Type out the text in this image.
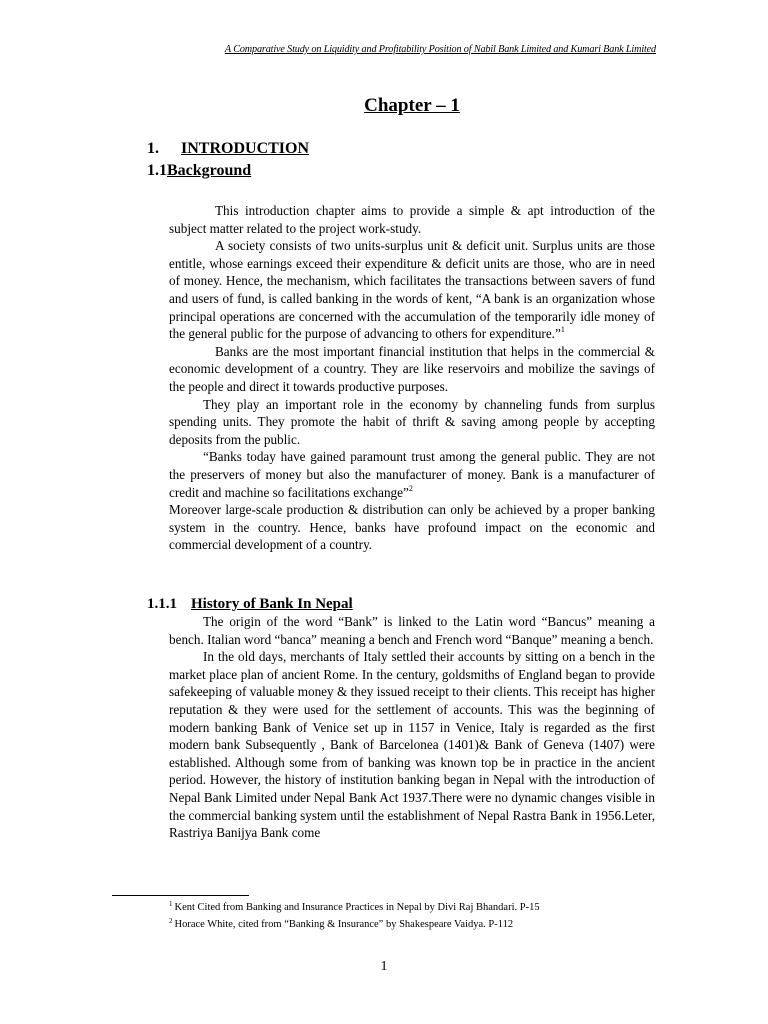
A Comparative Study on Liquidity and Profitability Position of Nabil Bank Limited and Kumari Bank Limited
Chapter – 1
1. INTRODUCTION
1.1Background

This introduction chapter aims to provide a simple & apt introduction of the subject matter related to the project work-study.

A society consists of two units-surplus unit & deficit unit. Surplus units are those entitle, whose earnings exceed their expenditure & deficit units are those, who are in need of money. Hence, the mechanism, which facilitates the transactions between savers of fund and users of fund, is called banking in the words of kent, “A bank is an organization whose principal operations are concerned with the accumulation of the temporarily idle money of the general public for the purpose of advancing to others for expenditure.”$^1$

Banks are the most important financial institution that helps in the commercial & economic development of a country. They are like reservoirs and mobilize the savings of the people and direct it towards productive purposes.

They play an important role in the economy by channeling funds from surplus spending units. They promote the habit of thrift & saving among people by accepting deposits from the public.

“Banks today have gained paramount trust among the general public. They are not the preservers of money but also the manufacturer of money. Bank is a manufacturer of credit and machine so facilitations exchange”$^2$

Moreover large-scale production & distribution can only be achieved by a proper banking system in the country. Hence, banks have profound impact on the economic and commercial development of a country.

1.1.1 History of Bank In Nepal

The origin of the word “Bank” is linked to the Latin word “Bancus” meaning a bench. Italian word “banca” meaning a bench and French word “Banque” meaning a bench.

In the old days, merchants of Italy settled their accounts by sitting on a bench in the market place plan of ancient Rome. In the century, goldsmiths of England began to provide safekeeping of valuable money & they issued receipt to their clients. This receipt has higher reputation & they were used for the settlement of accounts. This was the beginning of modern banking Bank of Venice set up in 1157 in Venice, Italy is regarded as the first modern bank Subsequently , Bank of Barcelonea (1401)& Bank of Geneva (1407) were established. Although some from of banking was known top be in practice in the ancient period. However, the history of institution banking began in Nepal with the introduction of Nepal Bank Limited under Nepal Bank Act 1937.There were no dynamic changes visible in the commercial banking system until the establishment of Nepal Rastra Bank in 1956.Leter, Rastriya Banijya Bank come

$^1$ Kent Cited from Banking and Insurance Practices in Nepal by Divi Raj Bhandari. P-15
$^2$ Horace White, cited from “Banking & Insurance” by Shakespeare Vaidya. P-112
1
